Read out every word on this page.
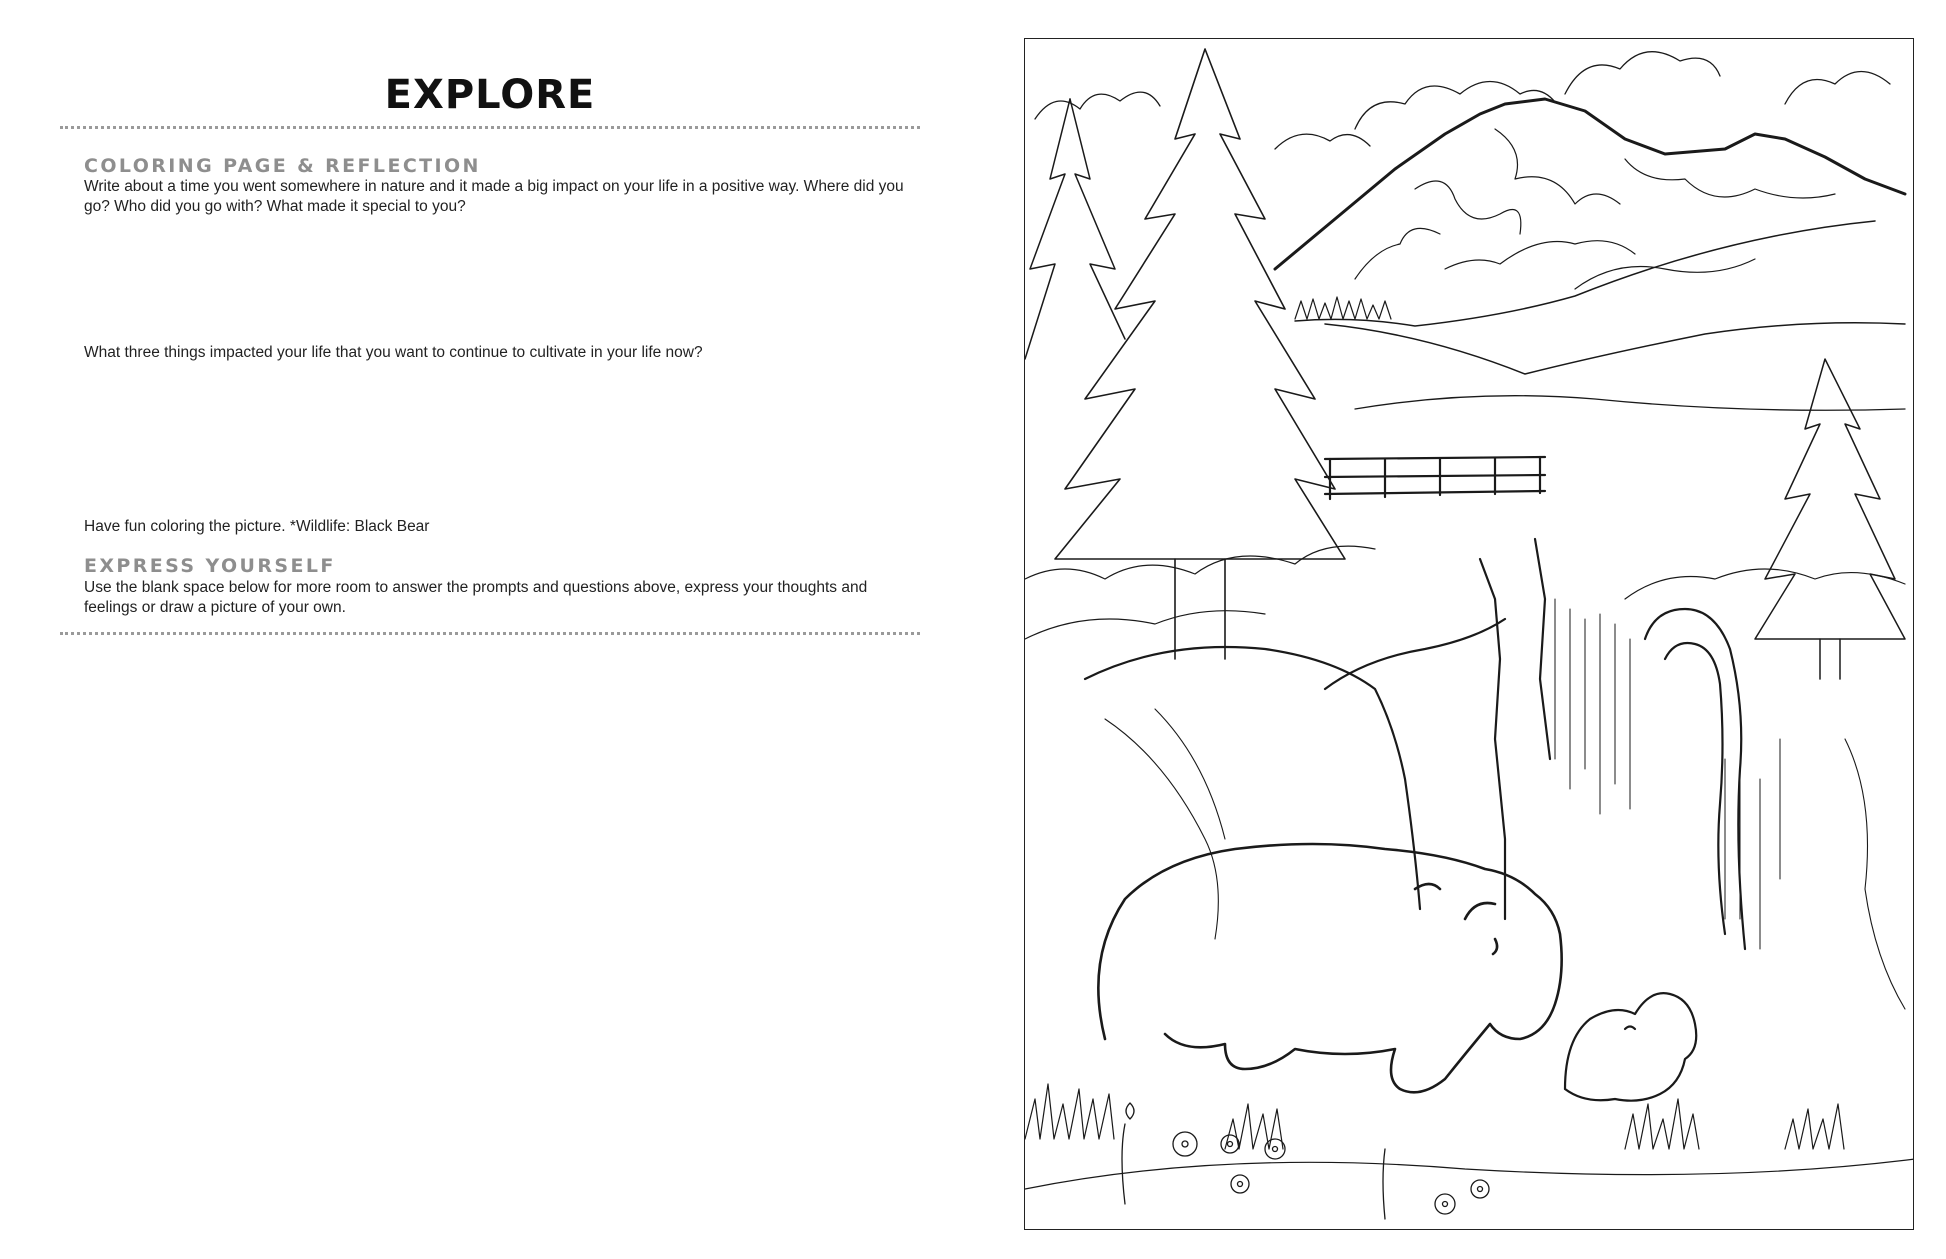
EXPLORE
COLORING PAGE & REFLECTION
Write about a time you went somewhere in nature and it made a big impact on your life in a positive way. Where did you go? Who did you go with? What made it special to you?
What three things impacted your life that you want to continue to cultivate in your life now?
Have fun coloring the picture. *Wildlife: Black Bear
EXPRESS YOURSELF
Use the blank space below for more room to answer the prompts and questions above, express your thoughts and feelings or draw a picture of your own.
